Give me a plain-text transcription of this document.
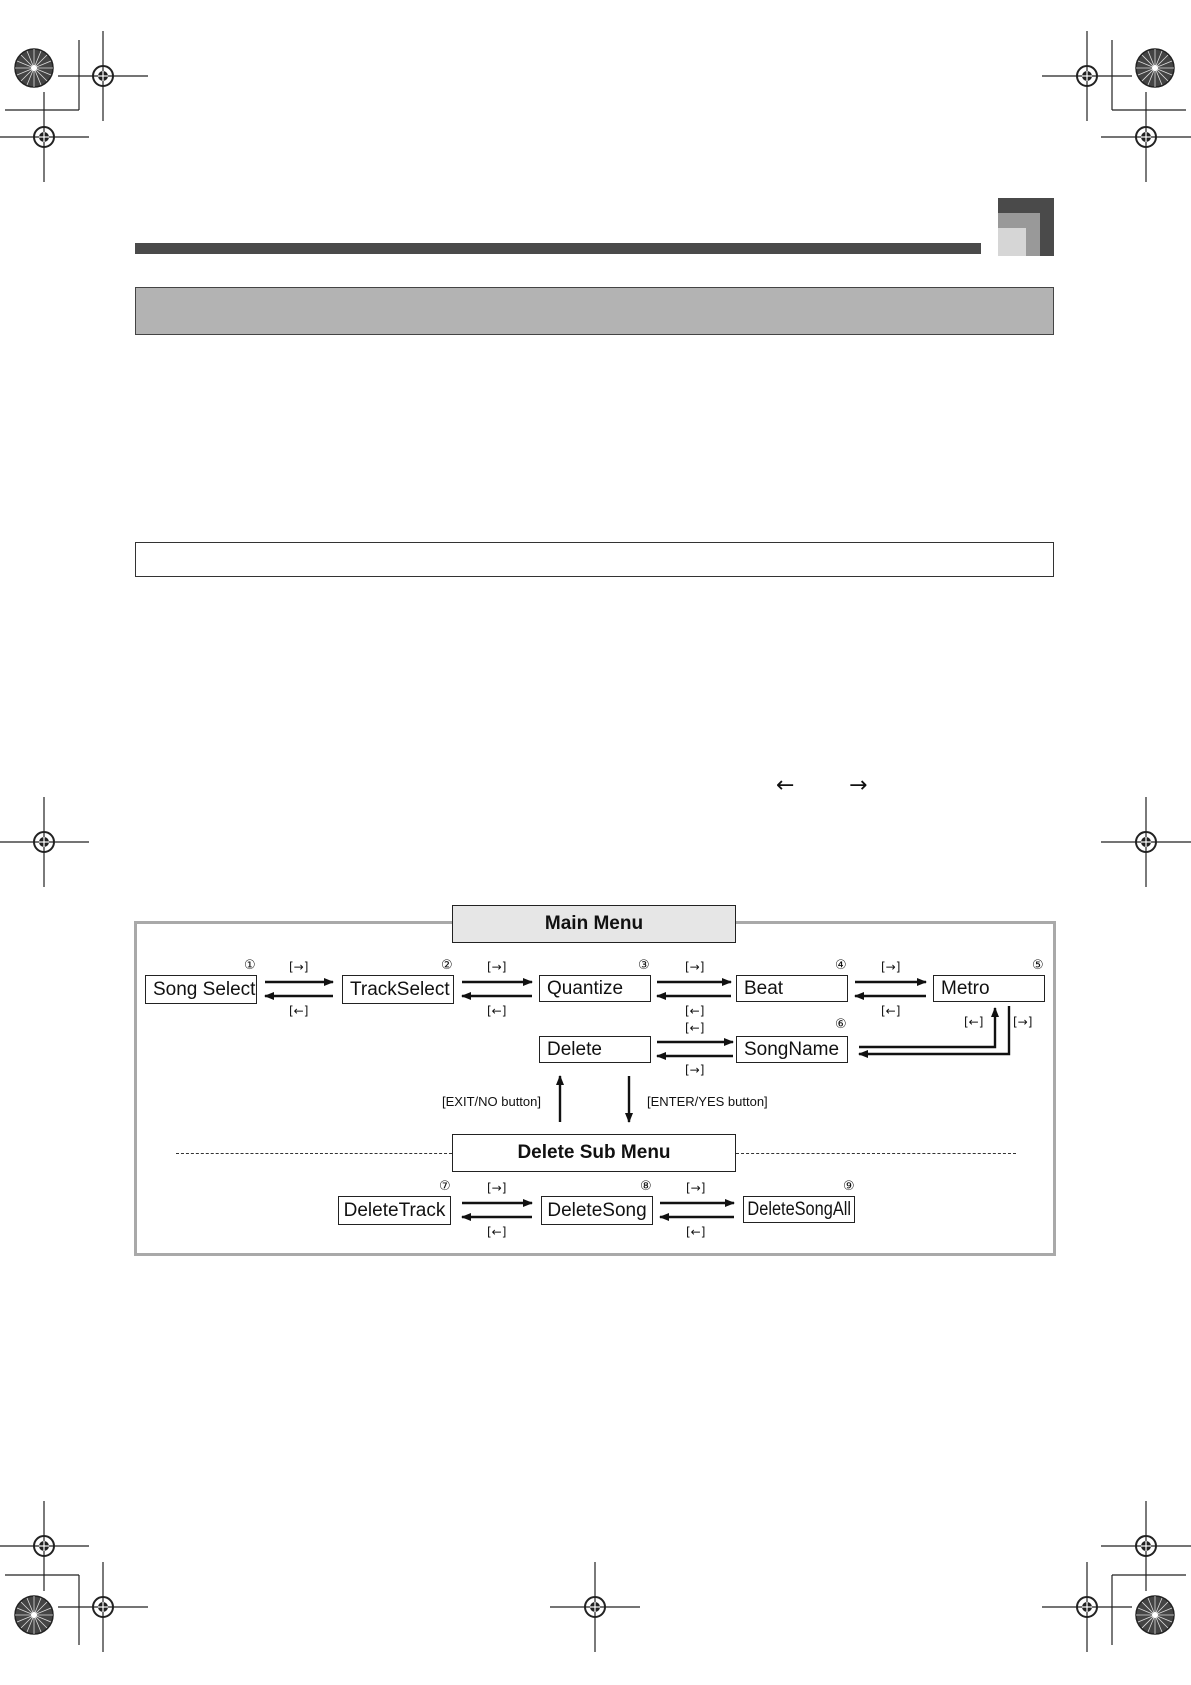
← →
Main Menu
Delete Sub Menu
Song Select	TrackSelect	Quantize	Beat	Metro
Delete	SongName
DeleteTrack	DeleteSong	DeleteSongAll
①	②	③	④	⑤
⑥
⑦	⑧	⑨
[→]
[←]
[→]
[←]
[→]
[←]
[→]
[←]
[←]
[→]
[←] [→]
[EXIT/NO button]	[ENTER/YES button]
[→]
[←]
[→]
[←]
